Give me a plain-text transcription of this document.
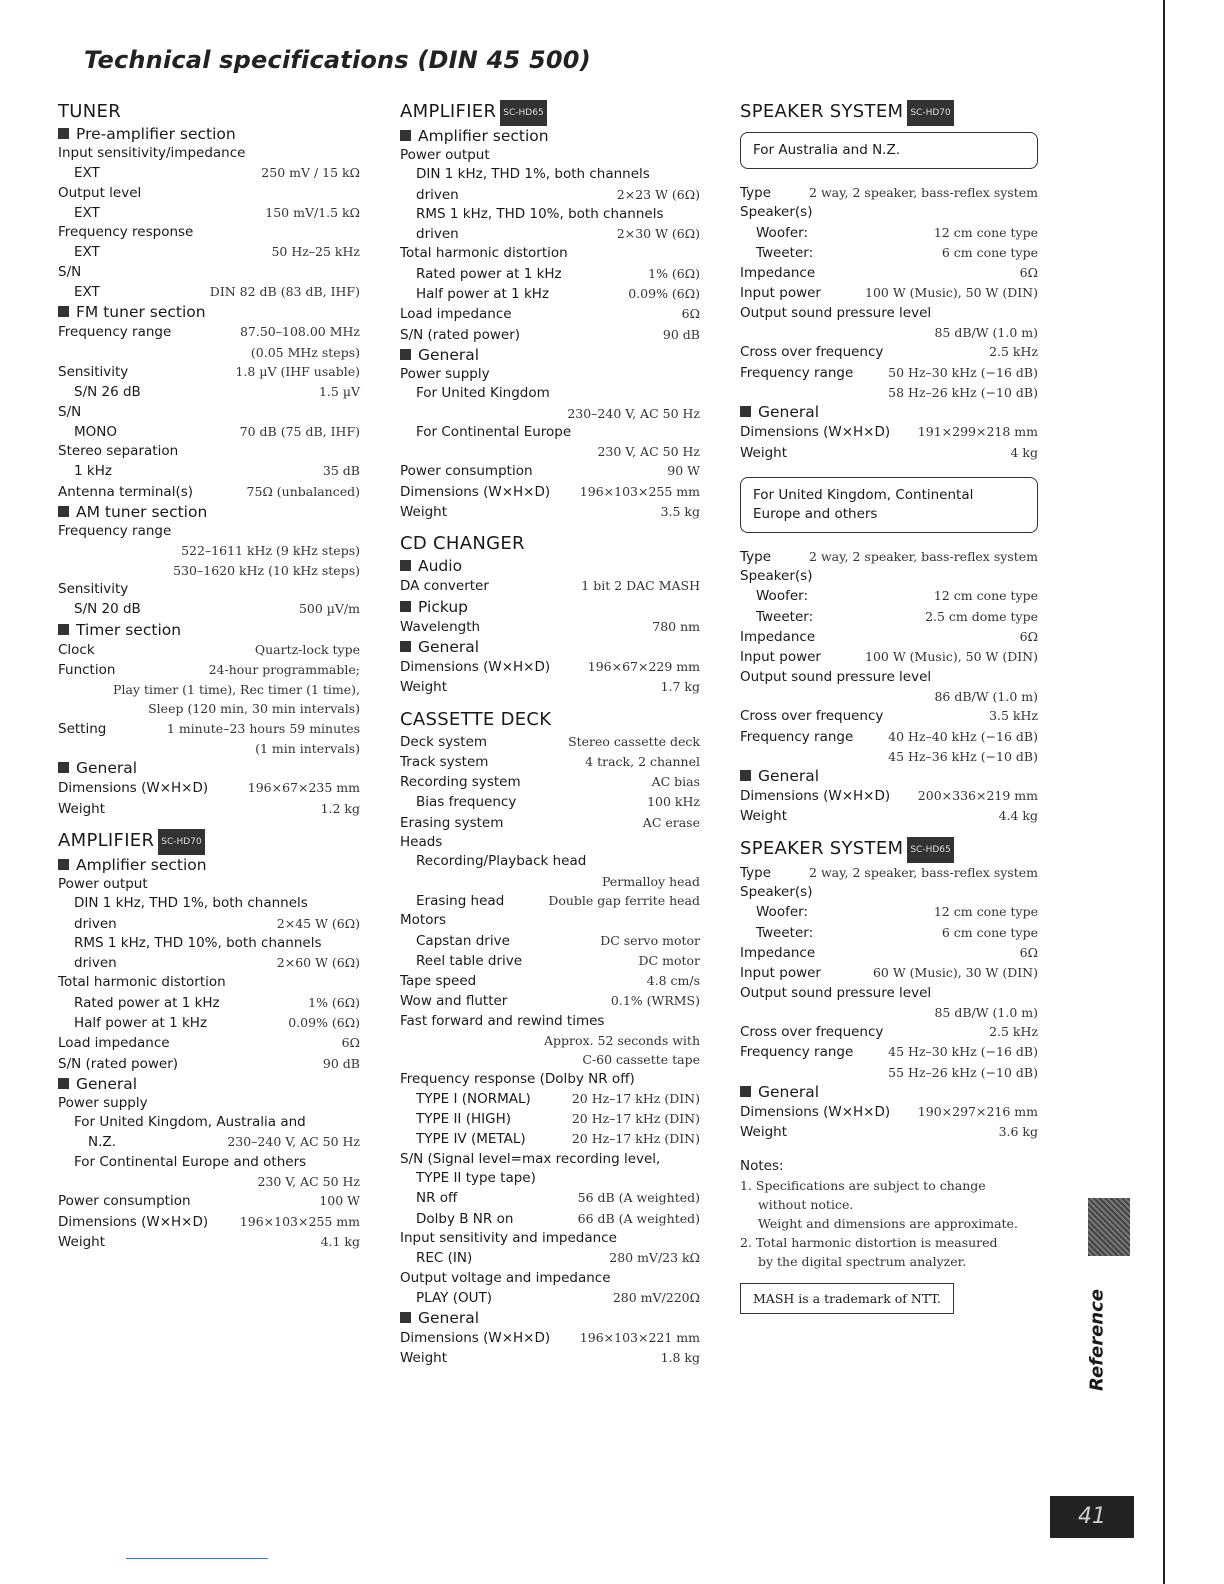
Technical specifications (DIN 45 500)
TUNER
Pre-amplifier section
Input sensitivity/impedance
EXT	250 mV / 15 kΩ
Output level
EXT	150 mV/1.5 kΩ
Frequency response
EXT	50 Hz–25 kHz
S/N
EXT	DIN 82 dB (83 dB, IHF)
FM tuner section
Frequency range	87.50–108.00 MHz
(0.05 MHz steps)
Sensitivity	1.8 µV (IHF usable)
S/N 26 dB	1.5 µV
S/N
MONO	70 dB (75 dB, IHF)
Stereo separation
1 kHz	35 dB
Antenna terminal(s)	75Ω (unbalanced)
AM tuner section
Frequency range
522–1611 kHz (9 kHz steps)
530–1620 kHz (10 kHz steps)
Sensitivity
S/N 20 dB	500 µV/m
Timer section
Clock	Quartz-lock type
Function	24-hour programmable;
Play timer (1 time), Rec timer (1 time),
Sleep (120 min, 30 min intervals)
Setting	1 minute–23 hours 59 minutes
(1 min intervals)
General
Dimensions (W×H×D)	196×67×235 mm
Weight	1.2 kg
AMPLIFIER SC-HD70
Amplifier section
Power output
DIN 1 kHz, THD 1%, both channels
driven	2×45 W (6Ω)
RMS 1 kHz, THD 10%, both channels
driven	2×60 W (6Ω)
Total harmonic distortion
Rated power at 1 kHz	1% (6Ω)
Half power at 1 kHz	0.09% (6Ω)
Load impedance	6Ω
S/N (rated power)	90 dB
General
Power supply
For United Kingdom, Australia and
N.Z.	230–240 V, AC 50 Hz
For Continental Europe and others
230 V, AC 50 Hz
Power consumption	100 W
Dimensions (W×H×D)	196×103×255 mm
Weight	4.1 kg
AMPLIFIER SC-HD65
Amplifier section
Power output
DIN 1 kHz, THD 1%, both channels
driven	2×23 W (6Ω)
RMS 1 kHz, THD 10%, both channels
driven	2×30 W (6Ω)
Total harmonic distortion
Rated power at 1 kHz	1% (6Ω)
Half power at 1 kHz	0.09% (6Ω)
Load impedance	6Ω
S/N (rated power)	90 dB
General
Power supply
For United Kingdom
230–240 V, AC 50 Hz
For Continental Europe
230 V, AC 50 Hz
Power consumption	90 W
Dimensions (W×H×D) 196×103×255 mm
Weight	3.5 kg
CD CHANGER
Audio
DA converter	1 bit 2 DAC MASH
Pickup
Wavelength	780 nm
General
Dimensions (W×H×D)	196×67×229 mm
Weight	1.7 kg
CASSETTE DECK
Deck system	Stereo cassette deck
Track system	4 track, 2 channel
Recording system	AC bias
Bias frequency	100 kHz
Erasing system	AC erase
Heads
Recording/Playback head
Permalloy head
Erasing head	Double gap ferrite head
Motors
Capstan drive	DC servo motor
Reel table drive	DC motor
Tape speed	4.8 cm/s
Wow and flutter	0.1% (WRMS)
Fast forward and rewind times
Approx. 52 seconds with
C-60 cassette tape
Frequency response (Dolby NR off)
TYPE I (NORMAL)	20 Hz–17 kHz (DIN)
TYPE II (HIGH)	20 Hz–17 kHz (DIN)
TYPE IV (METAL)	20 Hz–17 kHz (DIN)
S/N (Signal level=max recording level,
TYPE II type tape)
NR off	56 dB (A weighted)
Dolby B NR on	66 dB (A weighted)
Input sensitivity and impedance
REC (IN)	280 mV/23 kΩ
Output voltage and impedance
PLAY (OUT)	280 mV/220Ω
General
Dimensions (W×H×D) 196×103×221 mm
Weight	1.8 kg
SPEAKER SYSTEM SC-HD70
For Australia and N.Z.
Type	2 way, 2 speaker, bass-reflex system
Speaker(s)
Woofer:	12 cm cone type
Tweeter:	6 cm cone type
Impedance	6Ω
Input power	100 W (Music), 50 W (DIN)
Output sound pressure level
85 dB/W (1.0 m)
Cross over frequency	2.5 kHz
Frequency range	50 Hz–30 kHz (−16 dB)
58 Hz–26 kHz (−10 dB)
General
Dimensions (W×H×D) 191×299×218 mm
Weight	4 kg
For United Kingdom, Continental Europe and others
Type	2 way, 2 speaker, bass-reflex system
Speaker(s)
Woofer:	12 cm cone type
Tweeter:	2.5 cm dome type
Impedance	6Ω
Input power	100 W (Music), 50 W (DIN)
Output sound pressure level
86 dB/W (1.0 m)
Cross over frequency	3.5 kHz
Frequency range	40 Hz–40 kHz (−16 dB)
45 Hz–36 kHz (−10 dB)
General
Dimensions (W×H×D) 200×336×219 mm
Weight	4.4 kg
SPEAKER SYSTEM SC-HD65
Type	2 way, 2 speaker, bass-reflex system
Speaker(s)
Woofer:	12 cm cone type
Tweeter:	6 cm cone type
Impedance	6Ω
Input power	60 W (Music), 30 W (DIN)
Output sound pressure level
85 dB/W (1.0 m)
Cross over frequency	2.5 kHz
Frequency range	45 Hz–30 kHz (−16 dB)
55 Hz–26 kHz (−10 dB)
General
Dimensions (W×H×D) 190×297×216 mm
Weight	3.6 kg
Notes:
1. Specifications are subject to change
without notice.
Weight and dimensions are approximate.
2. Total harmonic distortion is measured
by the digital spectrum analyzer.
MASH is a trademark of NTT.	Reference
41
